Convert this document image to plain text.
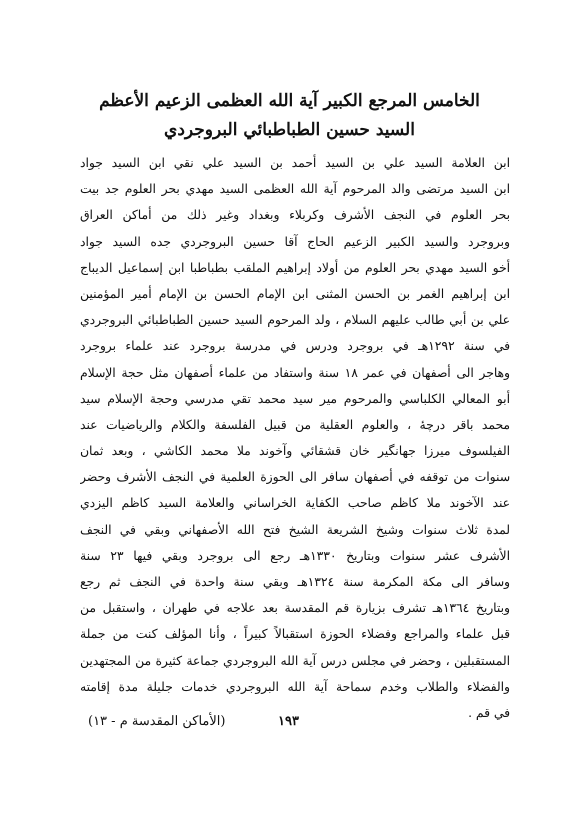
الخامس المرجع الكبير آية الله العظمى الزعيم الأعظم
السيد حسين الطباطبائي البروجردي
ابن العلامة السيد علي بن السيد أحمد بن السيد علي نقي ابن السيد جواد
ابن السيد مرتضى والد المرحوم آية الله العظمى السيد مهدي بحر العلوم جد بيت
بحر العلوم في النجف الأشرف وكربلاء وبغداد وغير ذلك من أماكن العراق
وبروجرد والسيد الكبير الزعيم الحاج آقا حسين البروجردي جده السيد جواد
أخو السيد مهدي بحر العلوم من أولاد إبراهيم الملقب بطباطبا ابن إسماعيل الديباج
ابن إبراهيم الغمر بن الحسن المثنى ابن الإمام الحسن بن الإمام أمير المؤمنين
علي بن أبي طالب عليهم السلام ، ولد المرحوم السيد حسين الطباطبائي البروجردي
في سنة ١٢٩٢هـ في بروجرد ودرس في مدرسة بروجرد عند علماء بروجرد
وهاجر الى أصفهان في عمر ١٨ سنة واستفاد من علماء أصفهان مثل حجة الإسلام
أبو المعالي الكلباسي والمرحوم مير سيد محمد تقي مدرسي وحجة الإسلام سيد
محمد باقر درچهٔ ، والعلوم العقلية من قبيل الفلسفة والكلام والرياضيات عند
الفيلسوف ميرزا جهانگير خان قشقائي وآخوند ملا محمد الكاشي ، وبعد ثمان
سنوات من توقفه في أصفهان سافر الى الحوزة العلمية في النجف الأشرف وحضر
عند الآخوند ملا كاظم صاحب الكفاية الخراساني والعلامة السيد كاظم اليزدي
لمدة ثلاث سنوات وشيخ الشريعة الشيخ فتح الله الأصفهاني وبقي في النجف
الأشرف عشر سنوات وبتاريخ ١٣٣٠هـ رجع الى بروجرد وبقي فيها ٢٣ سنة
وسافر الى مكة المكرمة سنة ١٣٢٤هـ وبقي سنة واحدة في النجف ثم رجع
وبتاريخ ١٣٦٤هـ تشرف بزيارة قم المقدسة بعد علاجه في طهران ، واستقبل من
قبل علماء والمراجع وفضلاء الحوزة استقبالاً كبيراً ، وأنا المؤلف كنت من جملة
المستقبلين ، وحضر في مجلس درس آية الله البروجردي جماعة كثيرة من المجتهدين
والفضلاء والطلاب وخدم سماحة آية الله البروجردي خدمات جليلة مدة إقامته
في قم .
١٩٣
(الأماكن المقدسة م - ١٣)
